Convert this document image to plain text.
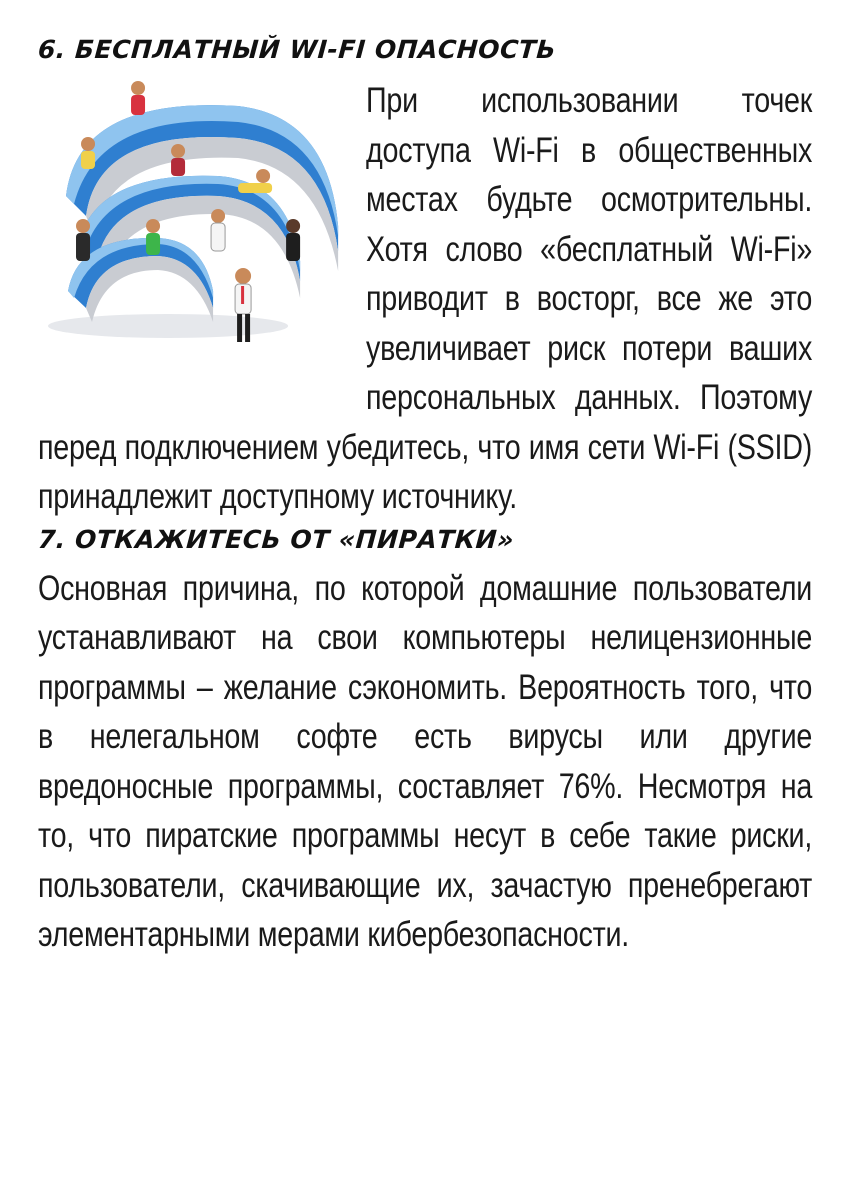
6. БЕСПЛАТНЫЙ WI-FI ОПАСНОСТЬ

При использовании точек доступа Wi-Fi в общественных местах будьте осмотрительны. Хотя слово «бесплатный Wi-Fi» приводит в восторг, все же это увеличивает риск потери ваших персональных данных. Поэтому перед подключением убедитесь, что имя сети Wi-Fi (SSID) принадлежит доступному источнику.

7. ОТКАЖИТЕСЬ ОТ «ПИРАТКИ»

Основная причина, по которой домашние пользователи устанавливают на свои компьютеры нелицензионные программы – желание сэкономить. Вероятность того, что в нелегальном софте есть вирусы или другие вредоносные программы, составляет 76%. Несмотря на то, что пиратские программы несут в себе такие риски, пользователи, скачивающие их, зачастую пренебрегают элементарными мерами кибербезопасности.
